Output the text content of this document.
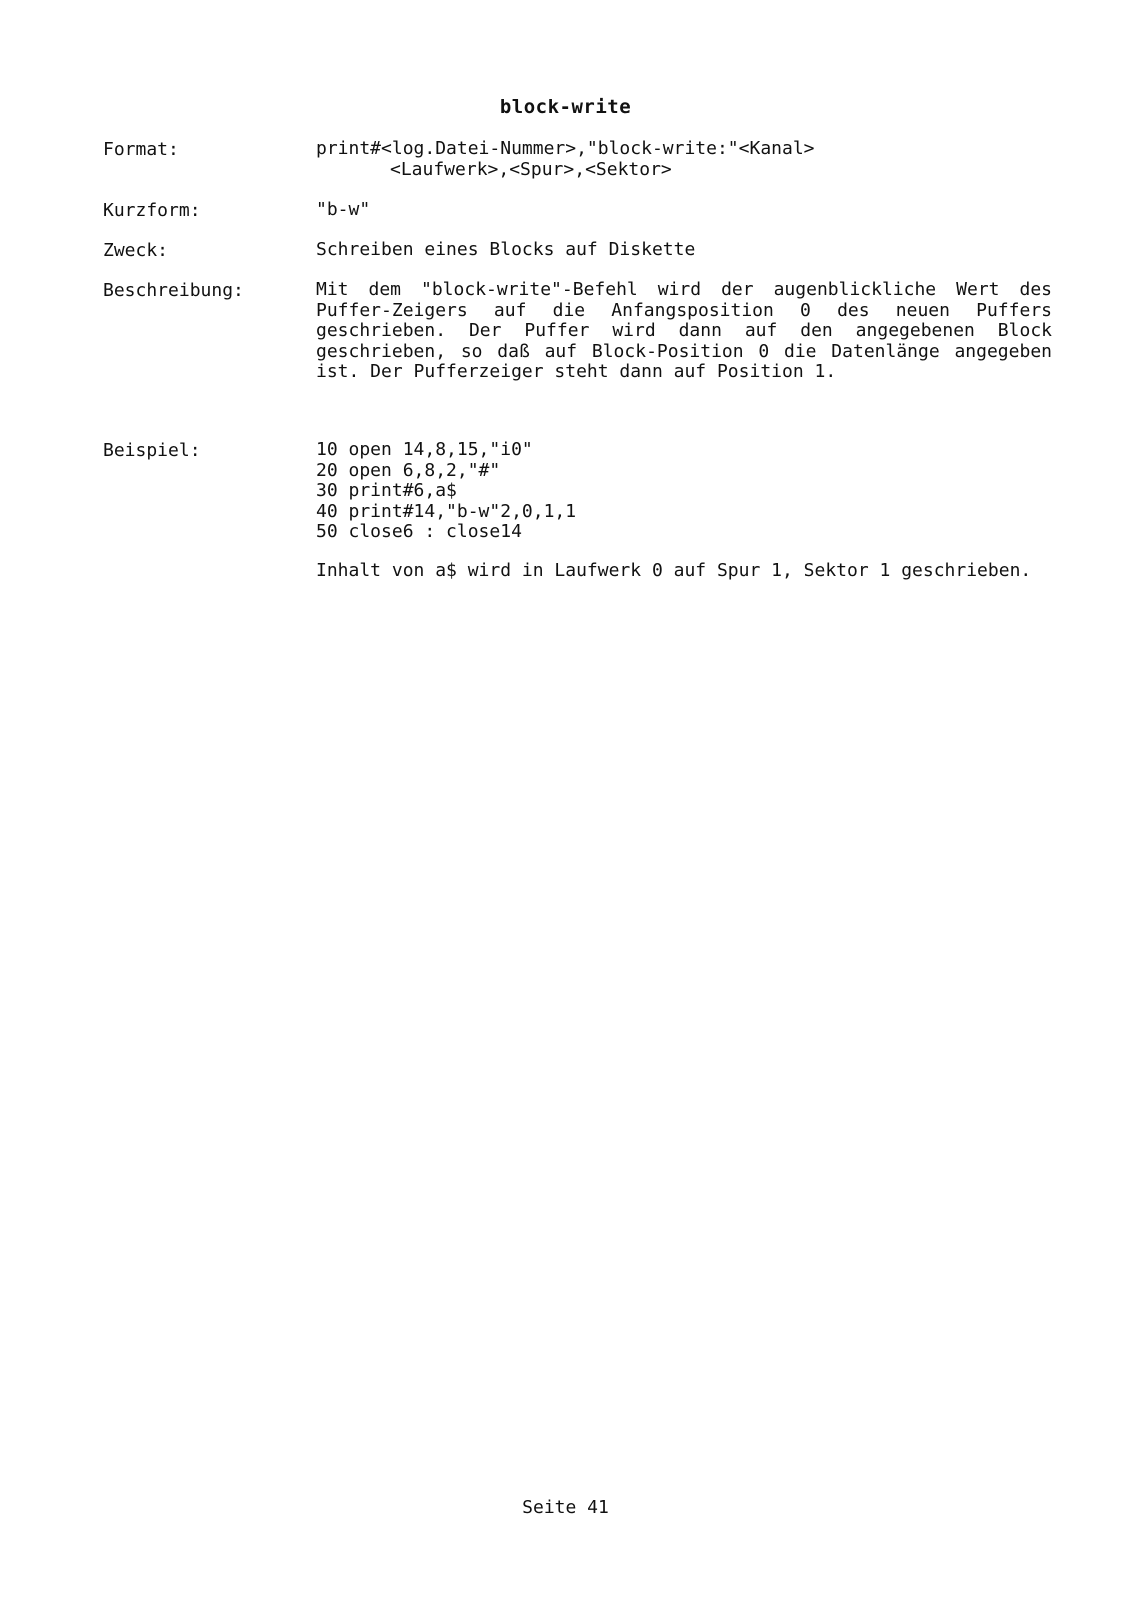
block-write
Format:	print#<log.Datei-Nummer>,"block-write:"<Kanal>
<Laufwerk>,<Spur>,<Sektor>
Kurzform:	"b-w"
Zweck:	Schreiben eines Blocks auf Diskette
Beschreibung:	Mit dem "block-write"-Befehl wird der augenblickliche Wert des Puffer-Zeigers auf die Anfangsposition 0 des neuen Puffers geschrieben. Der Puffer wird dann auf den angegebenen Block geschrieben, so daß auf Block-Position 0 die Datenlänge angegeben ist. Der Pufferzeiger steht dann auf Position 1.
Beispiel:	10 open 14,8,15,"i0"
20 open 6,8,2,"#"
30 print#6,a$
40 print#14,"b-w"2,0,1,1
50 close6 : close14
Inhalt von a$ wird in Laufwerk 0 auf Spur 1, Sektor 1 geschrieben.
Seite 41
